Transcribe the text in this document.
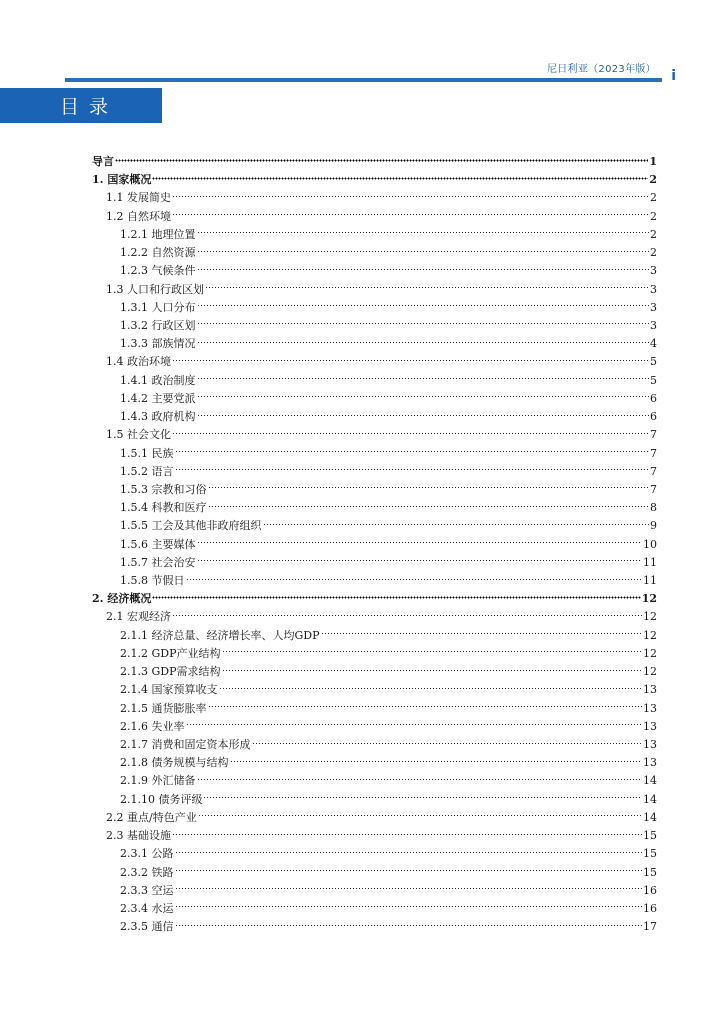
尼日利亚（2023年版） i
目录
导言	1
1. 国家概况	2
1.1 发展简史	2
1.2 自然环境	2
1.2.1 地理位置	2
1.2.2 自然资源	2
1.2.3 气候条件	3
1.3 人口和行政区划	3
1.3.1 人口分布	3
1.3.2 行政区划	3
1.3.3 部族情况	4
1.4 政治环境	5
1.4.1 政治制度	5
1.4.2 主要党派	6
1.4.3 政府机构	6
1.5 社会文化	7
1.5.1 民族	7
1.5.2 语言	7
1.5.3 宗教和习俗	7
1.5.4 科教和医疗	8
1.5.5 工会及其他非政府组织	9
1.5.6 主要媒体	10
1.5.7 社会治安	11
1.5.8 节假日	11
2. 经济概况	12
2.1 宏观经济	12
2.1.1 经济总量、经济增长率、人均GDP	12
2.1.2 GDP产业结构	12
2.1.3 GDP需求结构	12
2.1.4 国家预算收支	13
2.1.5 通货膨胀率	13
2.1.6 失业率	13
2.1.7 消费和固定资本形成	13
2.1.8 债务规模与结构	13
2.1.9 外汇储备	14
2.1.10 债务评级	14
2.2 重点/特色产业	14
2.3 基础设施	15
2.3.1 公路	15
2.3.2 铁路	15
2.3.3 空运	16
2.3.4 水运	16
2.3.5 通信	17
